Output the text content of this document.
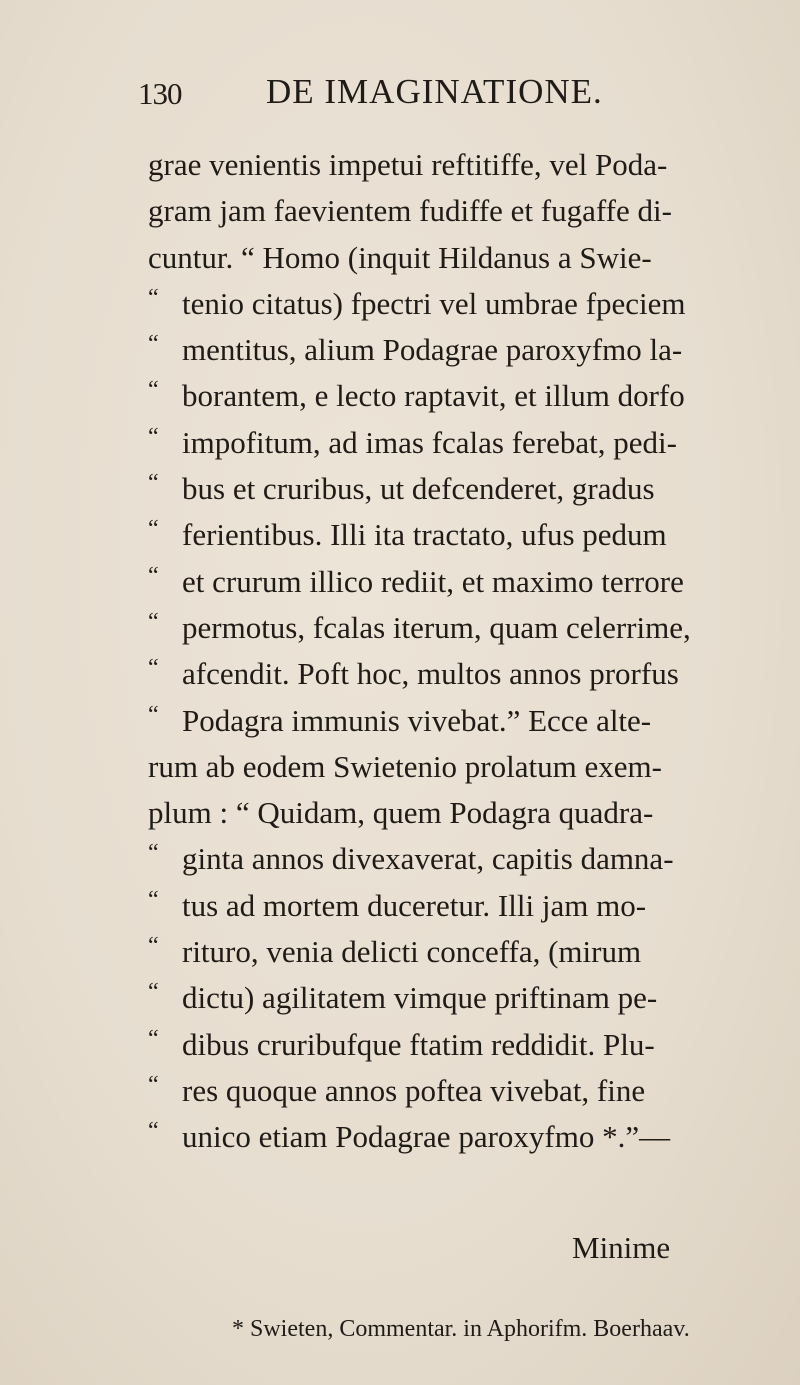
130 DE IMAGINATIONE.
grae venientis impetui reftitiffe, vel Poda-
gram jam faevientem fudiffe et fugaffe di-
cuntur. “ Homo (inquit Hildanus a Swie-
“ tenio citatus) fpectri vel umbrae fpeciem
“ mentitus, alium Podagrae paroxyfmo la-
“ borantem, e lecto raptavit, et illum dorfo
“ impofitum, ad imas fcalas ferebat, pedi-
“ bus et cruribus, ut defcenderet, gradus
“ ferientibus. Illi ita tractato, ufus pedum
“ et crurum illico rediit, et maximo terrore
“ permotus, fcalas iterum, quam celerrime,
“ afcendit. Poft hoc, multos annos prorfus
“ Podagra immunis vivebat.” Ecce alte-
rum ab eodem Swietenio prolatum exem-
plum : “ Quidam, quem Podagra quadra-
“ ginta annos divexaverat, capitis damna-
“ tus ad mortem duceretur. Illi jam mo-
“ rituro, venia delicti conceffa, (mirum
“ dictu) agilitatem vimque priftinam pe-
“ dibus cruribufque ftatim reddidit. Plu-
“ res quoque annos poftea vivebat, fine
“ unico etiam Podagrae paroxyfmo *.”—
Minime
* Swieten, Commentar. in Aphorifm. Boerhaav.
